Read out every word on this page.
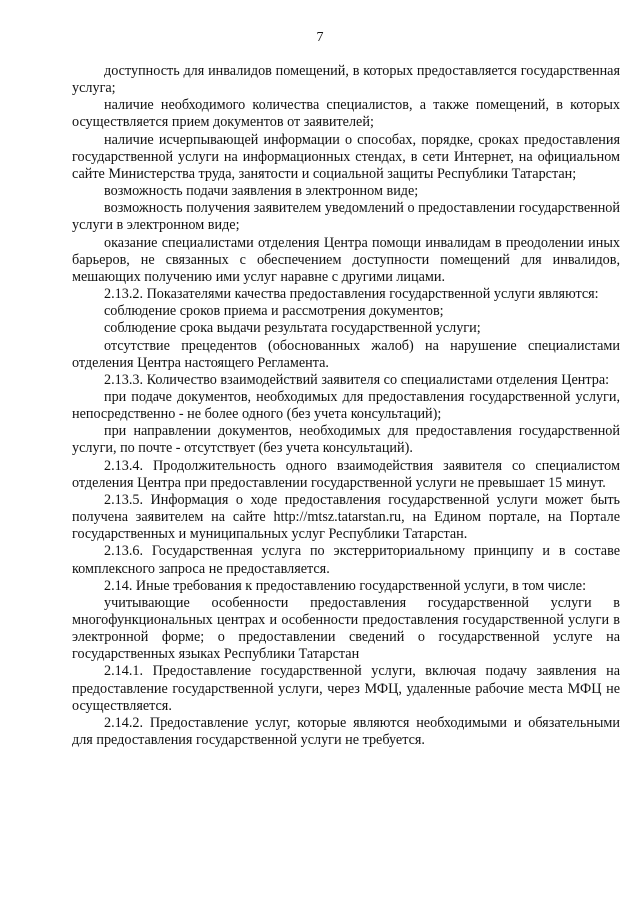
7

доступность для инвалидов помещений, в которых предоставляется государственная услуга;

наличие необходимого количества специалистов, а также помещений, в которых осуществляется прием документов от заявителей;

наличие исчерпывающей информации о способах, порядке, сроках предоставления государственной услуги на информационных стендах, в сети Интернет, на официальном сайте Министерства труда, занятости и социальной защиты Республики Татарстан;

возможность подачи заявления в электронном виде;

возможность получения заявителем уведомлений о предоставлении государственной услуги в электронном виде;

оказание специалистами отделения Центра помощи инвалидам в преодолении иных барьеров, не связанных с обеспечением доступности помещений для инвалидов, мешающих получению ими услуг наравне с другими лицами.

2.13.2. Показателями качества предоставления государственной услуги являются:

соблюдение сроков приема и рассмотрения документов;

соблюдение срока выдачи результата государственной услуги;

отсутствие прецедентов (обоснованных жалоб) на нарушение специалистами отделения Центра настоящего Регламента.

2.13.3. Количество взаимодействий заявителя со специалистами отделения Центра:

при подаче документов, необходимых для предоставления государственной услуги, непосредственно - не более одного (без учета консультаций);

при направлении документов, необходимых для предоставления государственной услуги, по почте - отсутствует (без учета консультаций).

2.13.4. Продолжительность одного взаимодействия заявителя со специалистом отделения Центра при предоставлении государственной услуги не превышает 15 минут.

2.13.5. Информация о ходе предоставления государственной услуги может быть получена заявителем на сайте http://mtsz.tatarstan.ru, на Едином портале, на Портале государственных и муниципальных услуг Республики Татарстан.

2.13.6. Государственная услуга по экстерриториальному принципу и в составе комплексного запроса не предоставляется.

2.14. Иные требования к предоставлению государственной услуги, в том числе:

учитывающие особенности предоставления государственной услуги в многофункциональных центрах и особенности предоставления государственной услуги в электронной форме; о предоставлении сведений о государственной услуге на государственных языках Республики Татарстан

2.14.1. Предоставление государственной услуги, включая подачу заявления на предоставление государственной услуги, через МФЦ, удаленные рабочие места МФЦ не осуществляется.

2.14.2. Предоставление услуг, которые являются необходимыми и обязательными для предоставления государственной услуги не требуется.
